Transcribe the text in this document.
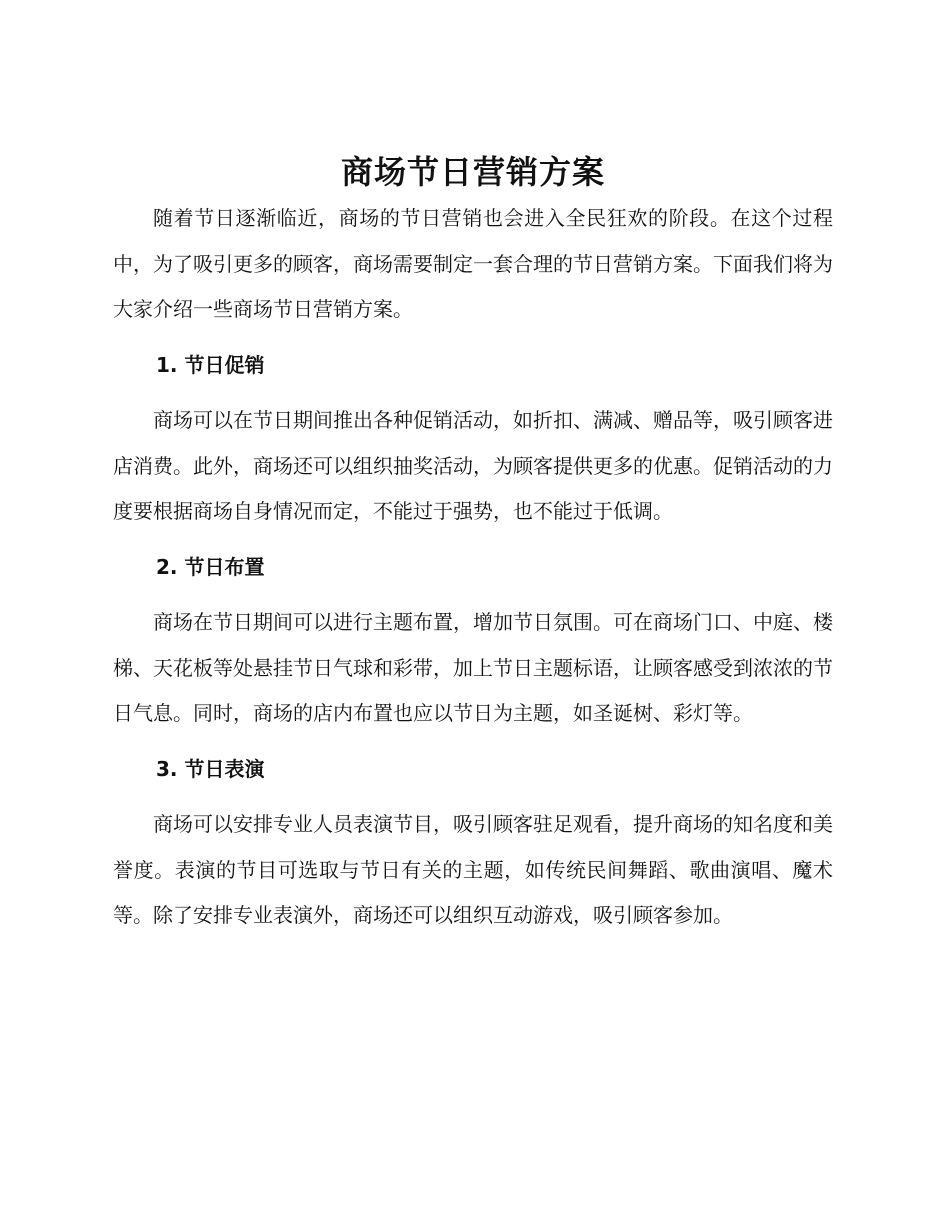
商场节日营销方案

随着节日逐渐临近，商场的节日营销也会进入全民狂欢的阶段。在这个过程中，为了吸引更多的顾客，商场需要制定一套合理的节日营销方案。下面我们将为大家介绍一些商场节日营销方案。

1. 节日促销

商场可以在节日期间推出各种促销活动，如折扣、满减、赠品等，吸引顾客进店消费。此外，商场还可以组织抽奖活动，为顾客提供更多的优惠。促销活动的力度要根据商场自身情况而定，不能过于强势，也不能过于低调。

2. 节日布置

商场在节日期间可以进行主题布置，增加节日氛围。可在商场门口、中庭、楼梯、天花板等处悬挂节日气球和彩带，加上节日主题标语，让顾客感受到浓浓的节日气息。同时，商场的店内布置也应以节日为主题，如圣诞树、彩灯等。

3. 节日表演

商场可以安排专业人员表演节目，吸引顾客驻足观看，提升商场的知名度和美誉度。表演的节目可选取与节日有关的主题，如传统民间舞蹈、歌曲演唱、魔术等。除了安排专业表演外，商场还可以组织互动游戏，吸引顾客参加。
